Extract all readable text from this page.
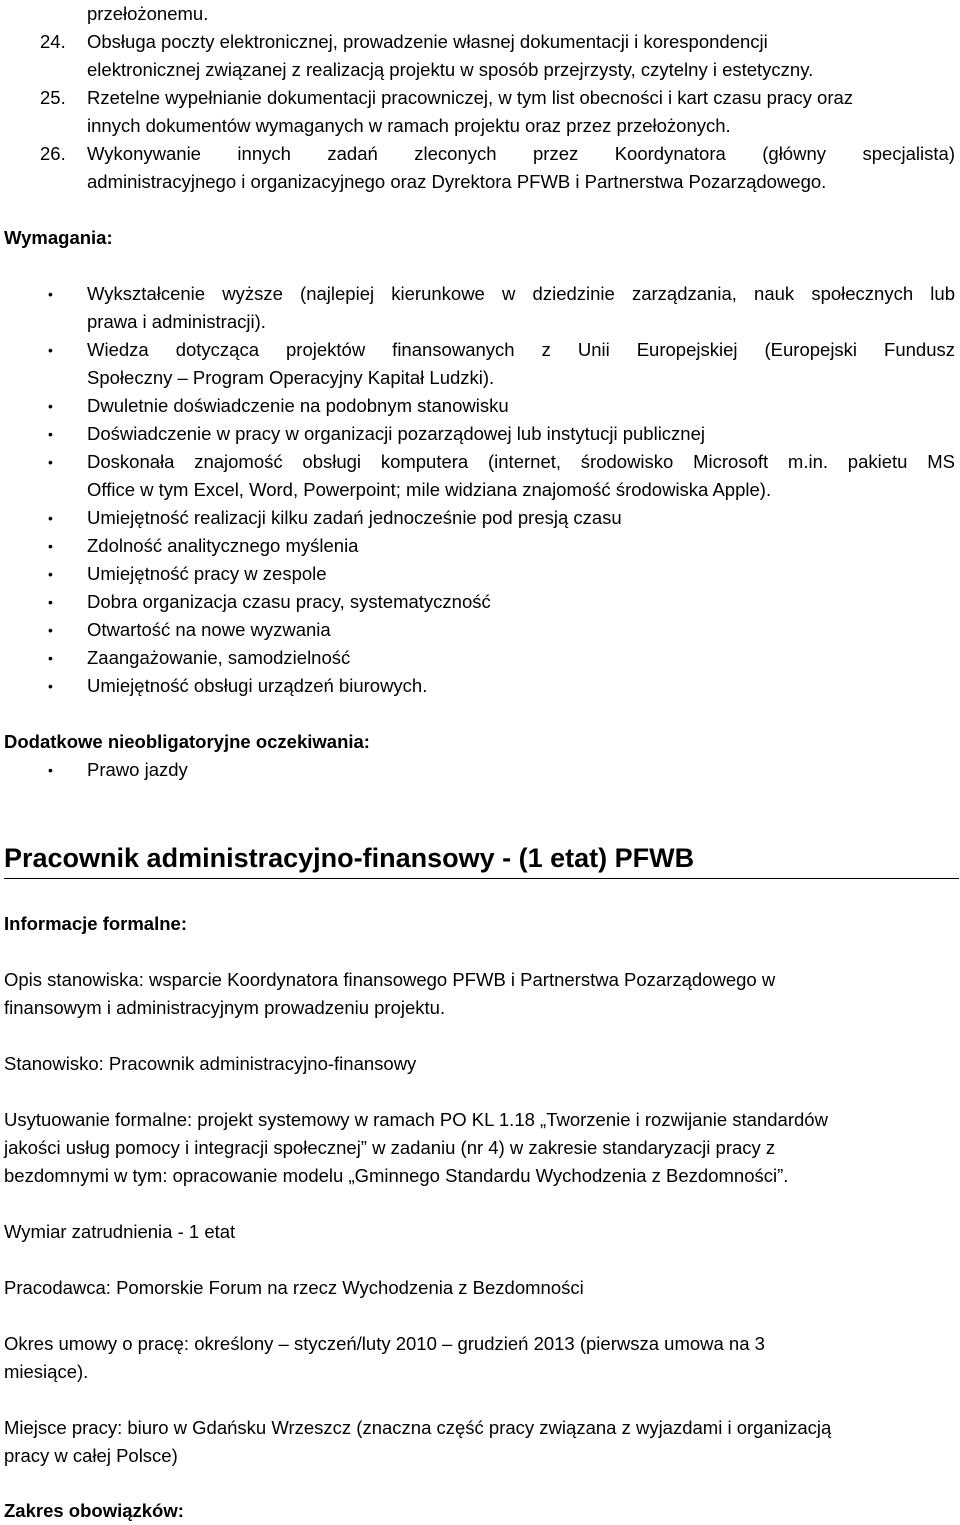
przełożonemu.
24. Obsługa poczty elektronicznej, prowadzenie własnej dokumentacji i korespondencji
elektronicznej związanej z realizacją projektu w sposób przejrzysty, czytelny i estetyczny.
25. Rzetelne wypełnianie dokumentacji pracowniczej, w tym list obecności i kart czasu pracy oraz
innych dokumentów wymaganych w ramach projektu oraz przez przełożonych.
26. Wykonywanie innych zadań zleconych przez Koordynatora (główny specjalista)
administracyjnego i organizacyjnego oraz Dyrektora PFWB i Partnerstwa Pozarządowego.
Wymagania:
• Wykształcenie wyższe (najlepiej kierunkowe w dziedzinie zarządzania, nauk społecznych lub
prawa i administracji).
• Wiedza dotycząca projektów finansowanych z Unii Europejskiej (Europejski Fundusz
Społeczny – Program Operacyjny Kapitał Ludzki).
• Dwuletnie doświadczenie na podobnym stanowisku
• Doświadczenie w pracy w organizacji pozarządowej lub instytucji publicznej
• Doskonała znajomość obsługi komputera (internet, środowisko Microsoft m.in. pakietu MS
Office w tym Excel, Word, Powerpoint; mile widziana znajomość środowiska Apple).
• Umiejętność realizacji kilku zadań jednocześnie pod presją czasu
• Zdolność analitycznego myślenia
• Umiejętność pracy w zespole
• Dobra organizacja czasu pracy, systematyczność
• Otwartość na nowe wyzwania
• Zaangażowanie, samodzielność
• Umiejętność obsługi urządzeń biurowych.
Dodatkowe nieobligatoryjne oczekiwania:
• Prawo jazdy
Pracownik administracyjno-finansowy - (1 etat) PFWB
Informacje formalne:
Opis stanowiska: wsparcie Koordynatora finansowego PFWB i Partnerstwa Pozarządowego w
finansowym i administracyjnym prowadzeniu projektu.
Stanowisko: Pracownik administracyjno-finansowy
Usytuowanie formalne: projekt systemowy w ramach PO KL 1.18 „Tworzenie i rozwijanie standardów
jakości usług pomocy i integracji społecznej” w zadaniu (nr 4) w zakresie standaryzacji pracy z
bezdomnymi w tym: opracowanie modelu „Gminnego Standardu Wychodzenia z Bezdomności”.
Wymiar zatrudnienia - 1 etat
Pracodawca: Pomorskie Forum na rzecz Wychodzenia z Bezdomności
Okres umowy o pracę: określony – styczeń/luty 2010 – grudzień 2013 (pierwsza umowa na 3
miesiące).
Miejsce pracy: biuro w Gdańsku Wrzeszcz (znaczna część pracy związana z wyjazdami i organizacją
pracy w całej Polsce)
Zakres obowiązków:
